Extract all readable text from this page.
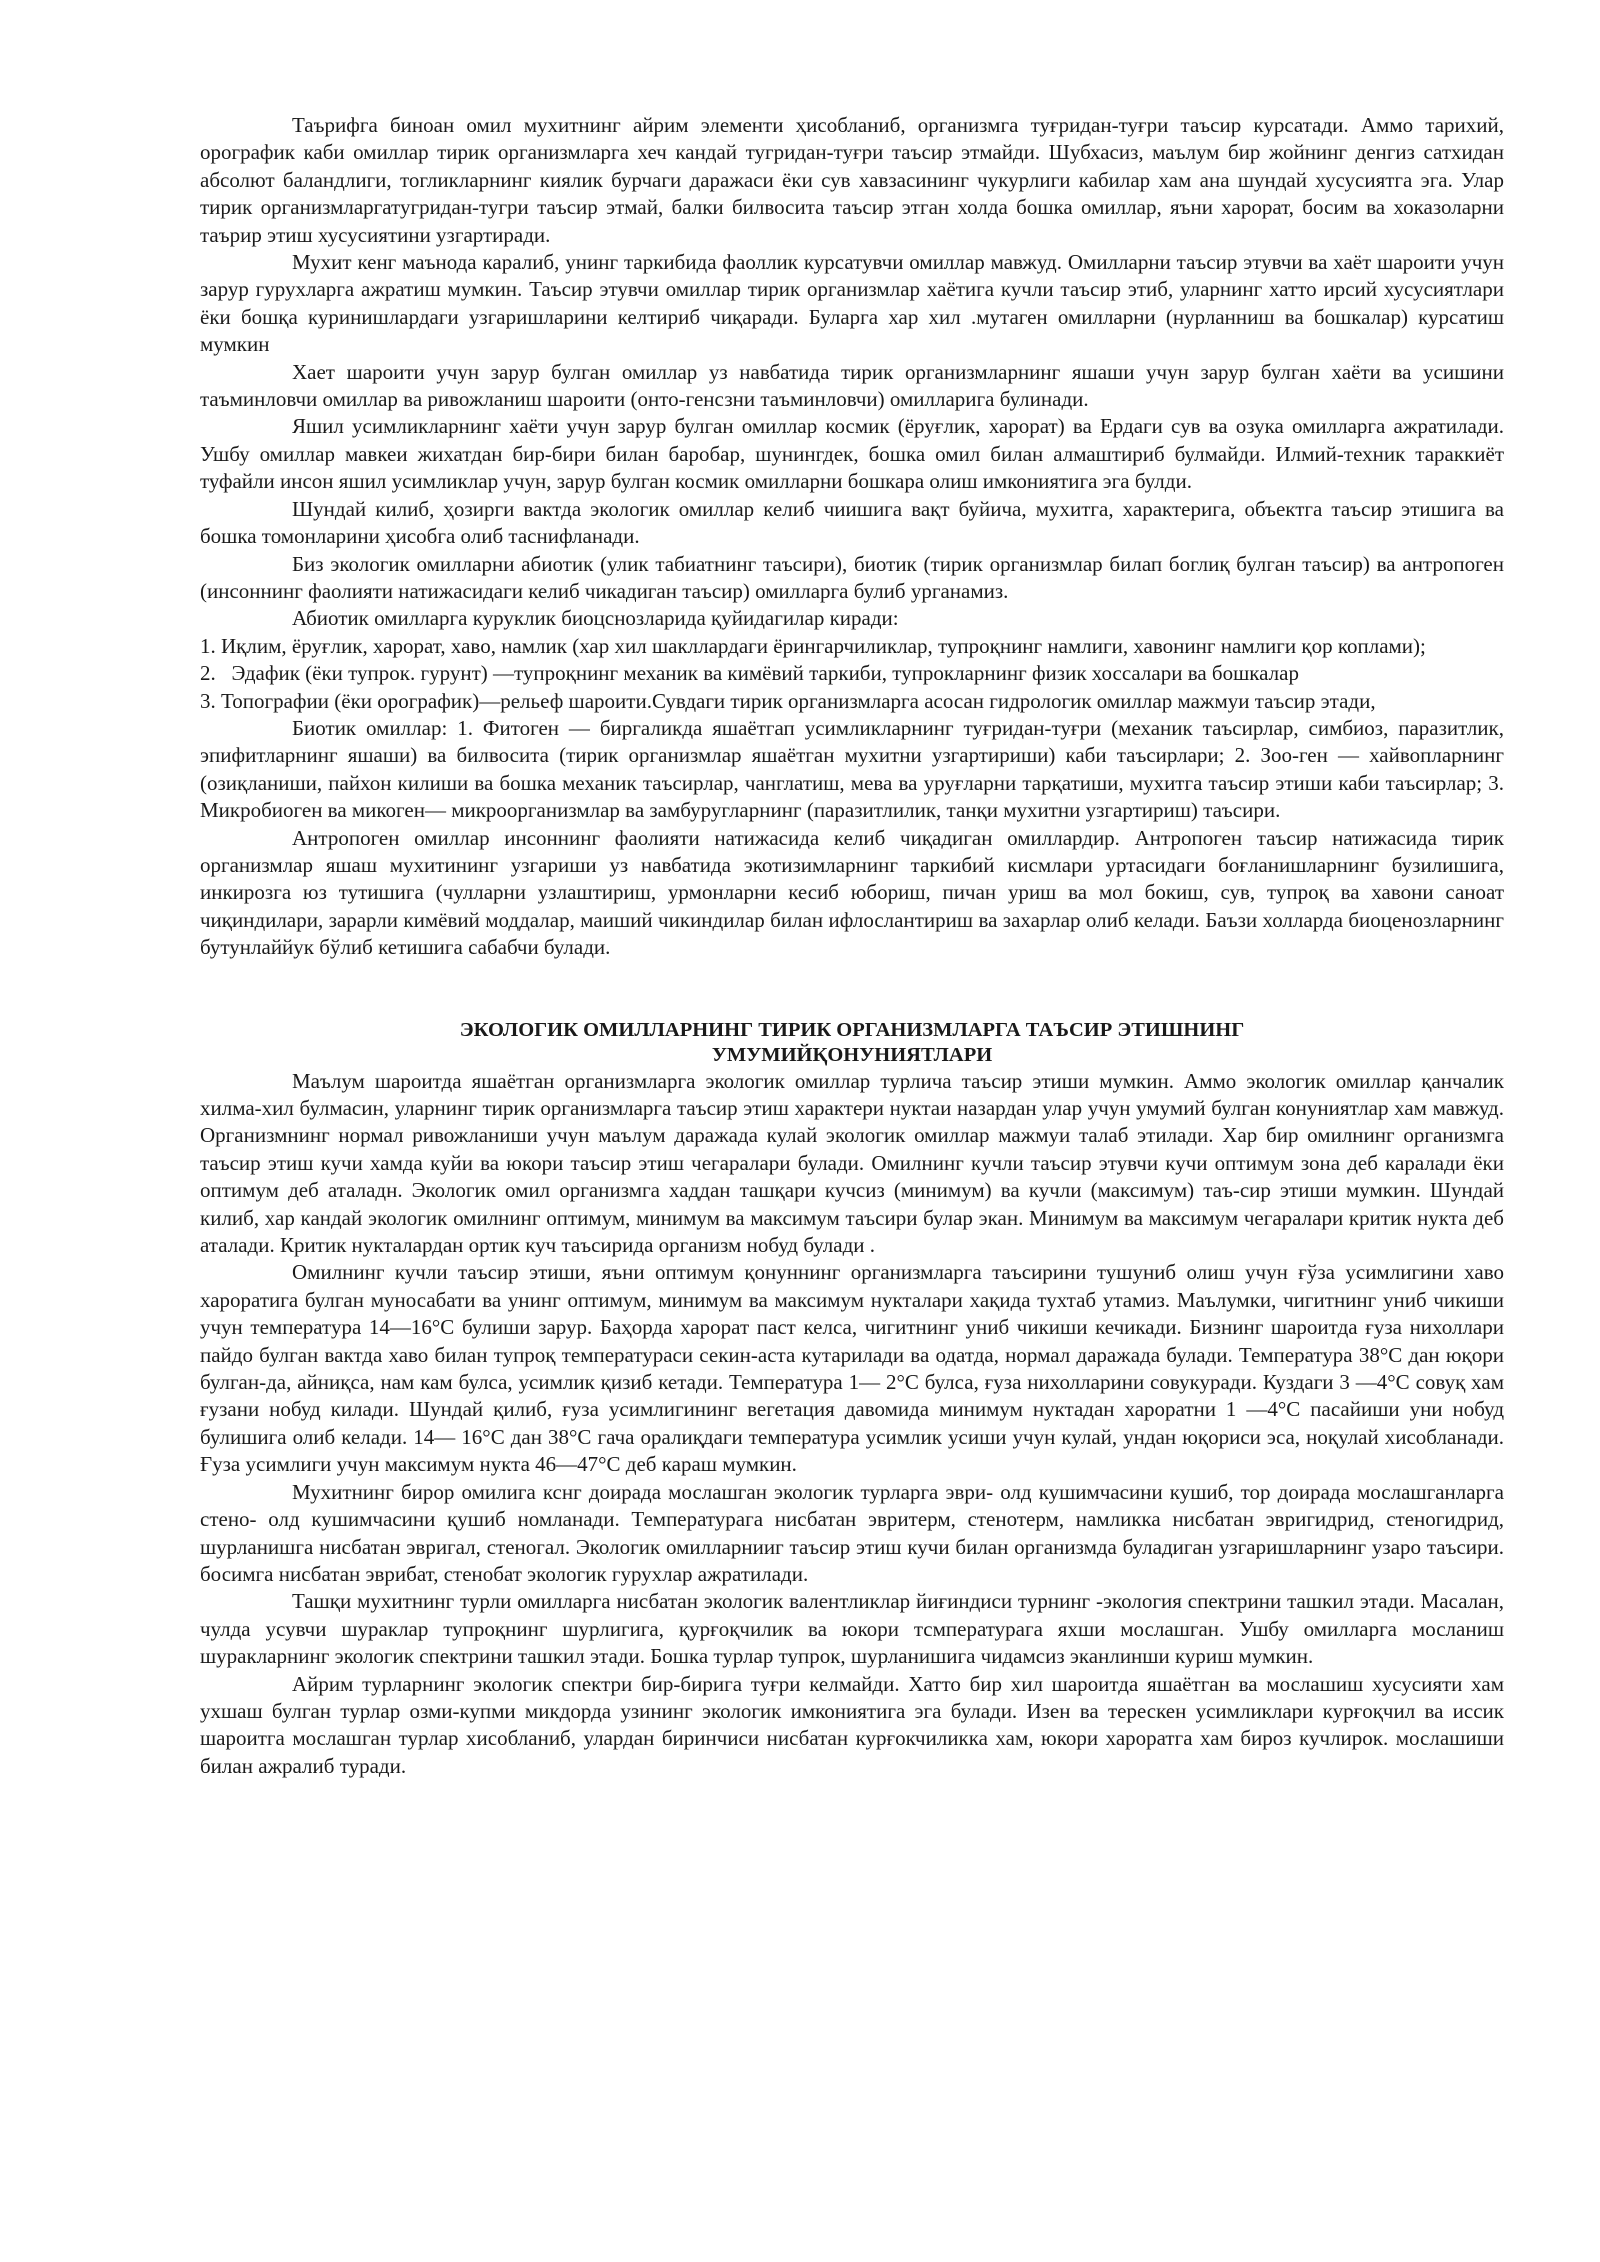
Таърифга биноан омил мухитнинг айрим элементи ҳисобланиб, организмга туғридан-туғри таъсир курсатади. Аммо тарихий, орографик каби омиллар тирик организмларга хеч кандай тугридан-туғри таъсир этмайди. Шубхасиз, маълум бир жойнинг денгиз сатхидан абсолют баландлиги, тогликларнинг киялик бурчаги даражаси ёки сув хавзасининг чукурлиги кабилар хам ана шундай хусусиятга эга. Улар тирик организмларгатугридан-тугри таъсир этмай, балки билвосита таъсир этган холда бошка омиллар, яъни харорат, босим ва хоказоларни таърир этиш хусусиятини узгартиради.

Мухит кенг маънода каралиб, унинг таркибида фаоллик курсатувчи омиллар мавжуд. Омилларни таъсир этувчи ва хаёт шароити учун зарур гурухларга ажратиш мумкин. Таъсир этувчи омиллар тирик организмлар хаётига кучли таъсир этиб, уларнинг хатто ирсий хусусиятлари ёки бошқа куринишлардаги узгаришларини келтириб чиқаради. Буларга хар хил .мутаген омилларни (нурланниш ва бошкалар) курсатиш мумкин

Хает шароити учун зарур булган омиллар уз навбатида тирик организмларнинг яшаши учун зарур булган хаёти ва усишини таъминловчи омиллар ва ривожланиш шароити (онто-генсзни таъминловчи) омилларига булинади.

Яшил усимликларнинг хаёти учун зарур булган омиллар космик (ёруғлик, харорат) ва Ердаги сув ва озука омилларга ажратилади. Ушбу омиллар мавкеи жихатдан бир-бири билан баробар, шунингдек, бошка омил билан алмаштириб булмайди. Илмий-техник тараккиёт туфайли инсон яшил усимликлар учун, зарур булган космик омилларни бошкара олиш имкониятига эга булди.

Шундай килиб, ҳозирги вактда экологик омиллар келиб чиишига вақт буйича, мухитга, характерига, объектга таъсир этишига ва бошка томонларини ҳисобга олиб таснифланади.

Биз экологик омилларни абиотик (улик табиатнинг таъсири), биотик (тирик организмлар билап боглиқ булган таъсир) ва антропоген (инсоннинг фаолияти натижасидаги келиб чикадиган таъсир) омилларга булиб урганамиз.

Абиотик омилларга куруклик биоцснозларида қуйидагилар киради:

1. Иқлим, ёруғлик, харорат, хаво, намлик (хар хил шакллардаги ёрингарчиликлар, тупроқнинг намлиги, хавонинг намлиги қор коплами);

2. Эдафик (ёки тупрок. гурунт) —тупроқнинг механик ва кимёвий таркиби, тупрокларнинг физик хоссалари ва бошкалар

3. Топографии (ёки орографик)—рельеф шароити.Сувдаги тирик организмларга асосан гидрологик омиллар мажмуи таъсир этади,

Биотик омиллар: 1. Фитоген — биргаликда яшаётгап усимликларнинг туғридан-туғри (механик таъсирлар, симбиоз, паразитлик, эпифитларнинг яшаши) ва билвосита (тирик организмлар яшаётган мухитни узгартириши) каби таъсирлари; 2. Зоо-ген — хайвопларнинг (озиқланиши, пайхон килиши ва бошка механик таъсирлар, чанглатиш, мева ва уруғларни тарқатиши, мухитга таъсир этиши каби таъсирлар; 3. Микробиоген ва микоген— микроорганизмлар ва замбуругларнинг (паразитлилик, танқи мухитни узгартириш) таъсири.

Антропоген омиллар инсоннинг фаолияти натижасида келиб чиқадиган омиллардир. Антропоген таъсир натижасида тирик организмлар яшаш мухитининг узгариши уз навбатида экотизимларнинг таркибий кисмлари уртасидаги боғланишларнинг бузилишига, инкирозга юз тутишига (чулларни узлаштириш, урмонларни кесиб юбориш, пичан уриш ва мол бокиш, сув, тупроқ ва хавони саноат чиқиндилари, зарарли кимёвий моддалар, маиший чикиндилар билан ифлослантириш ва захарлар олиб келади. Баъзи холларда биоценозларнинг бутунлаййук бўлиб кетишига сабабчи булади.

ЭКОЛОГИК ОМИЛЛАРНИНГ ТИРИК ОРГАНИЗМЛАРГА ТАЪСИР ЭТИШНИНГ
УМУМИЙҚОНУНИЯТЛАРИ

Маълум шароитда яшаётган организмларга экологик омиллар турлича таъсир этиши мумкин. Аммо экологик омиллар қанчалик хилма-хил булмасин, уларнинг тирик организмларга таъсир этиш характери нуктаи назардан улар учун умумий булган конуниятлар хам мавжуд. Организмнинг нормал ривожланиши учун маълум даражада кулай экологик омиллар мажмуи талаб этилади. Хар бир омилнинг организмга таъсир этиш кучи хамда куйи ва юкори таъсир этиш чегаралари булади. Омилнинг кучли таъсир этувчи кучи оптимум зона деб каралади ёки оптимум деб аталадн. Экологик омил организмга хаддан ташқари кучсиз (минимум) ва кучли (максимум) таъ-сир этиши мумкин. Шундай килиб, хар кандай экологик омилнинг оптимум, минимум ва максимум таъсири булар экан. Минимум ва максимум чегаралари критик нукта деб аталади. Критик нукталардан ортик куч таъсирида организм нобуд булади .

Омилнинг кучли таъсир этиши, яъни оптимум қонуннинг организмларга таъсирини тушуниб олиш учун ғўза усимлигини хаво хароратига булган муносабати ва унинг оптимум, минимум ва максимум нукталари хақида тухтаб утамиз. Маълумки, чигитнинг униб чикиши учун температура 14—16°С булиши зарур. Баҳорда харорат паст келса, чигитнинг униб чикиши кечикади. Бизнинг шароитда ғуза нихоллари пайдо булган вактда хаво билан тупроқ температураси секин-аста кутарилади ва одатда, нормал даражада булади. Температура 38°С дан юқори булган-да, айниқса, нам кам булса, усимлик қизиб кетади. Температура 1— 2°С булса, ғуза нихолларини совукуради. Куздаги 3 —4°С совуқ хам ғузани нобуд килади. Шундай қилиб, ғуза усимлигининг вегетация давомида минимум нуктадан хароратни 1 —4°С пасайиши уни нобуд булишига олиб келади. 14— 16°С дан 38°С гача оралиқдаги температура усимлик усиши учун кулай, ундан юқориси эса, ноқулай хисобланади. Ғуза усимлиги учун максимум нукта 46—47°С деб караш мумкин.

Мухитнинг бирор омилига кснг доирада мослашган экологик турларга эври- олд кушимчасини кушиб, тор доирада мослашганларга стено- олд кушимчасини қушиб номланади. Температурага нисбатан эвритерм, стенотерм, намликка нисбатан эвригидрид, стеногидрид, шурланишга нисбатан эвригал, стеногал. Экологик омилларнииг таъсир этиш кучи билан организмда буладиган узгаришларнинг узаро таъсири. босимга нисбатан эврибат, стенобат экологик гурухлар ажратилади.

Ташқи мухитнинг турли омилларга нисбатан экологик валентликлар йиғиндиси турнинг -экология спектрини ташкил этади. Масалан, чулда усувчи шураклар тупроқнинг шурлигига, қурғоқчилик ва юкори тсмпературага яхши мослашган. Ушбу омилларга мосланиш шуракларнинг экологик спектрини ташкил этади. Бошка турлар тупрок, шурланишига чидамсиз эканлинши куриш мумкин.

Айрим турларнинг экологик спектри бир-бирига туғри келмайди. Хатто бир хил шароитда яшаётган ва мослашиш хусусияти хам ухшаш булган турлар озми-купми микдорда узининг экологик имкониятига эга булади. Изен ва терескен усимликлари курғоқчил ва иссик шароитга мослашган турлар хисобланиб, улардан биринчиси нисбатан курғокчиликка хам, юкори хароратга хам бироз кучлирок. мослашиши билан ажралиб туради.
